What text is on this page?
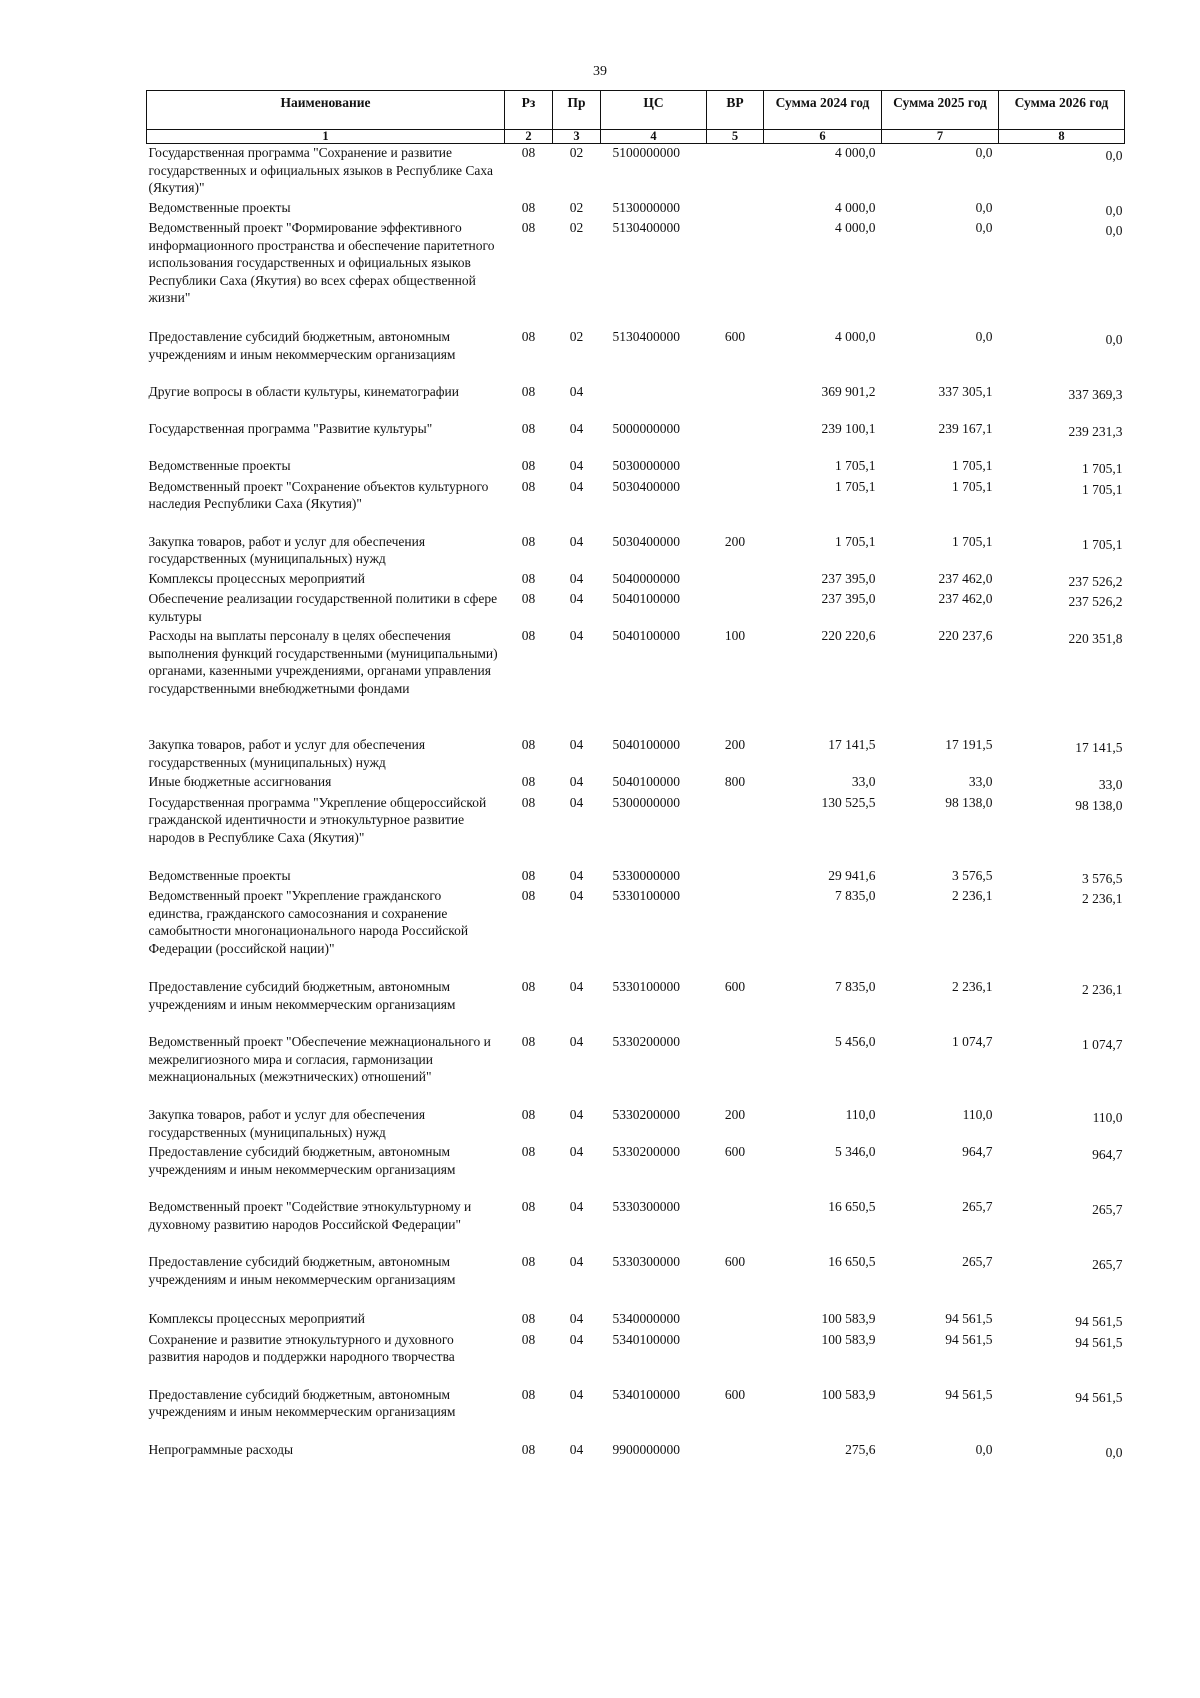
39
Наименование	Рз	Пр	ЦС	ВР	Сумма 2024 год	Сумма 2025 год	Сумма 2026 год
1	2	3	4	5	6	7	8
Государственная программа "Сохранение и развитие государственных и официальных языков в Республике Саха (Якутия)"	08	02	5100000000		4 000,0	0,0	0,0
Ведомственные проекты	08	02	5130000000		4 000,0	0,0	0,0
Ведомственный проект "Формирование эффективного информационного пространства и обеспечение паритетного использования государственных и официальных языков Республики Саха (Якутия) во всех сферах общественной жизни"	08	02	5130400000		4 000,0	0,0	0,0
Предоставление субсидий бюджетным, автономным учреждениям и иным некоммерческим организациям	08	02	5130400000	600	4 000,0	0,0	0,0
Другие вопросы в области культуры, кинематографии	08	04			369 901,2	337 305,1	337 369,3
Государственная программа "Развитие культуры"	08	04	5000000000		239 100,1	239 167,1	239 231,3
Ведомственные проекты	08	04	5030000000		1 705,1	1 705,1	1 705,1
Ведомственный проект "Сохранение объектов культурного наследия Республики Саха (Якутия)"	08	04	5030400000		1 705,1	1 705,1	1 705,1
Закупка товаров, работ и услуг для обеспечения государственных (муниципальных) нужд	08	04	5030400000	200	1 705,1	1 705,1	1 705,1
Комплексы процессных мероприятий	08	04	5040000000		237 395,0	237 462,0	237 526,2
Обеспечение реализации государственной политики в сфере культуры	08	04	5040100000		237 395,0	237 462,0	237 526,2
Расходы на выплаты персоналу в целях обеспечения выполнения функций государственными (муниципальными) органами, казенными учреждениями, органами управления государственными внебюджетными фондами	08	04	5040100000	100	220 220,6	220 237,6	220 351,8
Закупка товаров, работ и услуг для обеспечения государственных (муниципальных) нужд	08	04	5040100000	200	17 141,5	17 191,5	17 141,5
Иные бюджетные ассигнования	08	04	5040100000	800	33,0	33,0	33,0
Государственная программа "Укрепление общероссийской гражданской идентичности и этнокультурное развитие народов в Республике Саха (Якутия)"	08	04	5300000000		130 525,5	98 138,0	98 138,0
Ведомственные проекты	08	04	5330000000		29 941,6	3 576,5	3 576,5
Ведомственный проект "Укрепление гражданского единства, гражданского самосознания и сохранение самобытности многонационального народа Российской Федерации (российской нации)"	08	04	5330100000		7 835,0	2 236,1	2 236,1
Предоставление субсидий бюджетным, автономным учреждениям и иным некоммерческим организациям	08	04	5330100000	600	7 835,0	2 236,1	2 236,1
Ведомственный проект "Обеспечение межнационального и межрелигиозного мира и согласия, гармонизации межнациональных (межэтнических) отношений"	08	04	5330200000		5 456,0	1 074,7	1 074,7
Закупка товаров, работ и услуг для обеспечения государственных (муниципальных) нужд	08	04	5330200000	200	110,0	110,0	110,0
Предоставление субсидий бюджетным, автономным учреждениям и иным некоммерческим организациям	08	04	5330200000	600	5 346,0	964,7	964,7
Ведомственный проект "Содействие этнокультурному и духовному развитию народов Российской Федерации"	08	04	5330300000		16 650,5	265,7	265,7
Предоставление субсидий бюджетным, автономным учреждениям и иным некоммерческим организациям	08	04	5330300000	600	16 650,5	265,7	265,7
Комплексы процессных мероприятий	08	04	5340000000		100 583,9	94 561,5	94 561,5
Сохранение и развитие этнокультурного и духовного развития народов и поддержки народного творчества	08	04	5340100000		100 583,9	94 561,5	94 561,5
Предоставление субсидий бюджетным, автономным учреждениям и иным некоммерческим организациям	08	04	5340100000	600	100 583,9	94 561,5	94 561,5
Непрограммные расходы	08	04	9900000000		275,6	0,0	0,0
